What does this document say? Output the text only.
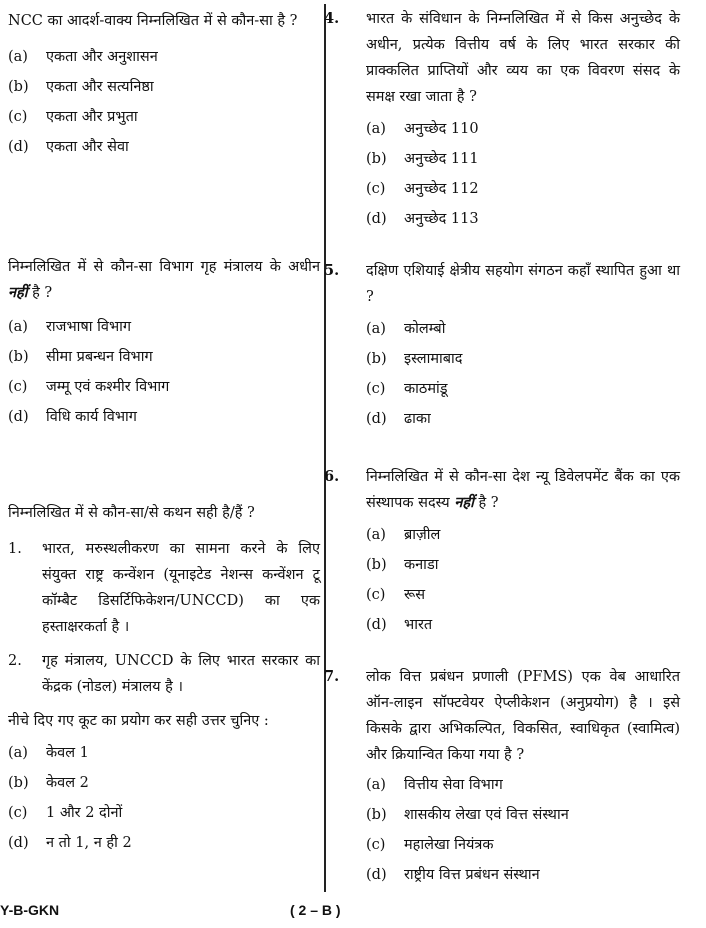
NCC का आदर्श-वाक्य निम्नलिखित में से कौन-सा है ?

(a)	एकता और अनुशासन

(b)	एकता और सत्यनिष्ठा

(c)	एकता और प्रभुता

(d)	एकता और सेवा

निम्नलिखित में से कौन-सा विभाग गृह मंत्रालय के अधीन नहीं है ?

(a)	राजभाषा विभाग

(b)	सीमा प्रबन्धन विभाग

(c)	जम्मू एवं कश्मीर विभाग

(d)	विधि कार्य विभाग

निम्नलिखित में से कौन-सा/से कथन सही है/हैं ?

1.	भारत, मरुस्थलीकरण का सामना करने के लिए संयुक्त राष्ट्र कन्वेंशन (यूनाइटेड नेशन्स कन्वेंशन टू कॉम्बैट डिसर्टिफिकेशन/UNCCD) का एक हस्ताक्षरकर्ता है ।
2.	गृह मंत्रालय, UNCCD के लिए भारत सरकार का केंद्रक (नोडल) मंत्रालय है ।

नीचे दिए गए कूट का प्रयोग कर सही उत्तर चुनिए :

(a)	केवल 1

(b)	केवल 2

(c)	1 और 2 दोनों

(d)	न तो 1, न ही 2

4. भारत के संविधान के निम्नलिखित में से किस अनुच्छेद के अधीन, प्रत्येक वित्तीय वर्ष के लिए भारत सरकार की प्राक्कलित प्राप्तियों और व्यय का एक विवरण संसद के समक्ष रखा जाता है ?

(a)	अनुच्छेद 110

(b)	अनुच्छेद 111

(c)	अनुच्छेद 112

(d)	अनुच्छेद 113

5. दक्षिण एशियाई क्षेत्रीय सहयोग संगठन कहाँ स्थापित हुआ था ?

(a)	कोलम्बो

(b)	इस्लामाबाद

(c)	काठमांडू

(d)	ढाका

6. निम्नलिखित में से कौन-सा देश न्यू डिवेलपमेंट बैंक का एक संस्थापक सदस्य नहीं है ?

(a)	ब्राज़ील

(b)	कनाडा

(c)	रूस

(d)	भारत

7. लोक वित्त प्रबंधन प्रणाली (PFMS) एक वेब आधारित ऑन-लाइन सॉफ्टवेयर ऐप्लीकेशन (अनुप्रयोग) है । इसे किसके द्वारा अभिकल्पित, विकसित, स्वाधिकृत (स्वामित्व) और क्रियान्वित किया गया है ?

(a)	वित्तीय सेवा विभाग

(b)	शासकीय लेखा एवं वित्त संस्थान

(c)	महालेखा नियंत्रक

(d)	राष्ट्रीय वित्त प्रबंधन संस्थान

Y-B-GKN	( 2 – B )
